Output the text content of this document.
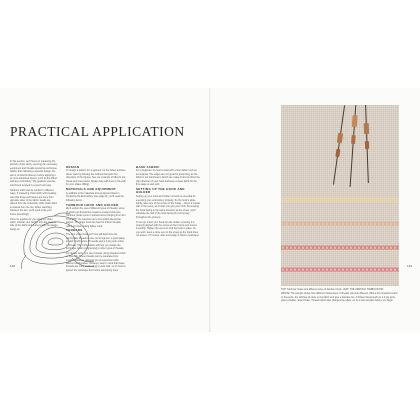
PRACTICAL APPLICATION

In this section, we'll focus on mastering the tambour chain stitch, covering the necessary equipment and threads as well as technique. Rather than following a specific design, the aim is to build proficiency before applying it to more advanced pieces, such as the Albert and Eve embroidery. The gradient exercise introduced overleaf is a good next step.

Tambour stitch can be worked in different ways. If mastering chain stitch with beading, note that these techniques are done from opposite sides of the fabric: beads are placed from the underside, while chain stitch is worked from the top. When switching between the two, you'll need to flip your frame accordingly.

Once it's positive for you solely on chain stitch, transfer your design onto the reverse side of the fabric and frame it with the design facing up.

DESIGN

To design a pattern for a garment, for the Albert and Eve dress, start by drawing the outlines that point the directions of the figures. See our example of Albert's ear, cheek and nose below. Always stay with lines to the path for your shape (filling).

MATERIALS AND EQUIPMENT

In addition to the materials and equipment listed in Preparing the Embroidery (see page 8), you'll need the following items:

TAMBOUR HOOK AND HOLDER

We'll explain the use of different types of threads; some of which can thread size requires a larger hook size. Tambour hooks come in various sizes (ranging from size 70 to 200); the selection up to size 100/2 sheets the largest. The larger sizes are best for thicker threads, with finer sizes suiting lighter work.

THREADS

The size of the hook you'll use will determine the appropriate threads to use. As a beginner, a good place to start is with a fine 80 needle and a 3-ply perle cotton or thread. This combination will help you master the technique before progressing to other types of threads.

For thicker work, you can consider using stranded cotton or floss silk. These threads can be separated into smaller filaments, allowing you to experiment with different thicknesses. However, keep in mind that these threads are more challenging to work with, so it's best to perfect the technique first before attempting them.

BASE FABRIC

For a beginner, it's best to start with a linen fabric such as an organza. The edges are not great for grounding, as the fabric is too translucent, which can make it hard to follow the right direction of your hook and keep a clean fabric for the first stage to start with.

SETTING UP THE HOOK AND HOLDER

Setting up your hook and holder correctly is essential for executing your embroidery properly. So the hook's slope tightly, take care of the screw on the holder – this is a crucial part of the setup, as it helps you grip your hook. By keeping the hook facing in the same direction as the screw, you'll eliminate the risk of the hook facing the wrong way throughout the process.

To set up, insert your hook into the holder, ensuring it is properly aligned with the screw so that it turns and moves smoothly. Tighten the screw to lock the hook in place. As you work, keep a close eye on the screw so the hook does not loosen; if it moves, stop and realign it before continuing.

128

TOP: Tambour hooks and different sizes of tambour hook. LEFT: THE CENTRAL TAMBOUR PIN.

ABOVE: The sample shows how different thicknesses of threads can look different. With a thin stranded cotton or fine perle, the stitches sit close to the fabric and give a delicate line. A thicker thread such as a 3-ply perle gives a bolder, raised chain. Thread colour also changes the effect, so try a few samples before you begin.

129
